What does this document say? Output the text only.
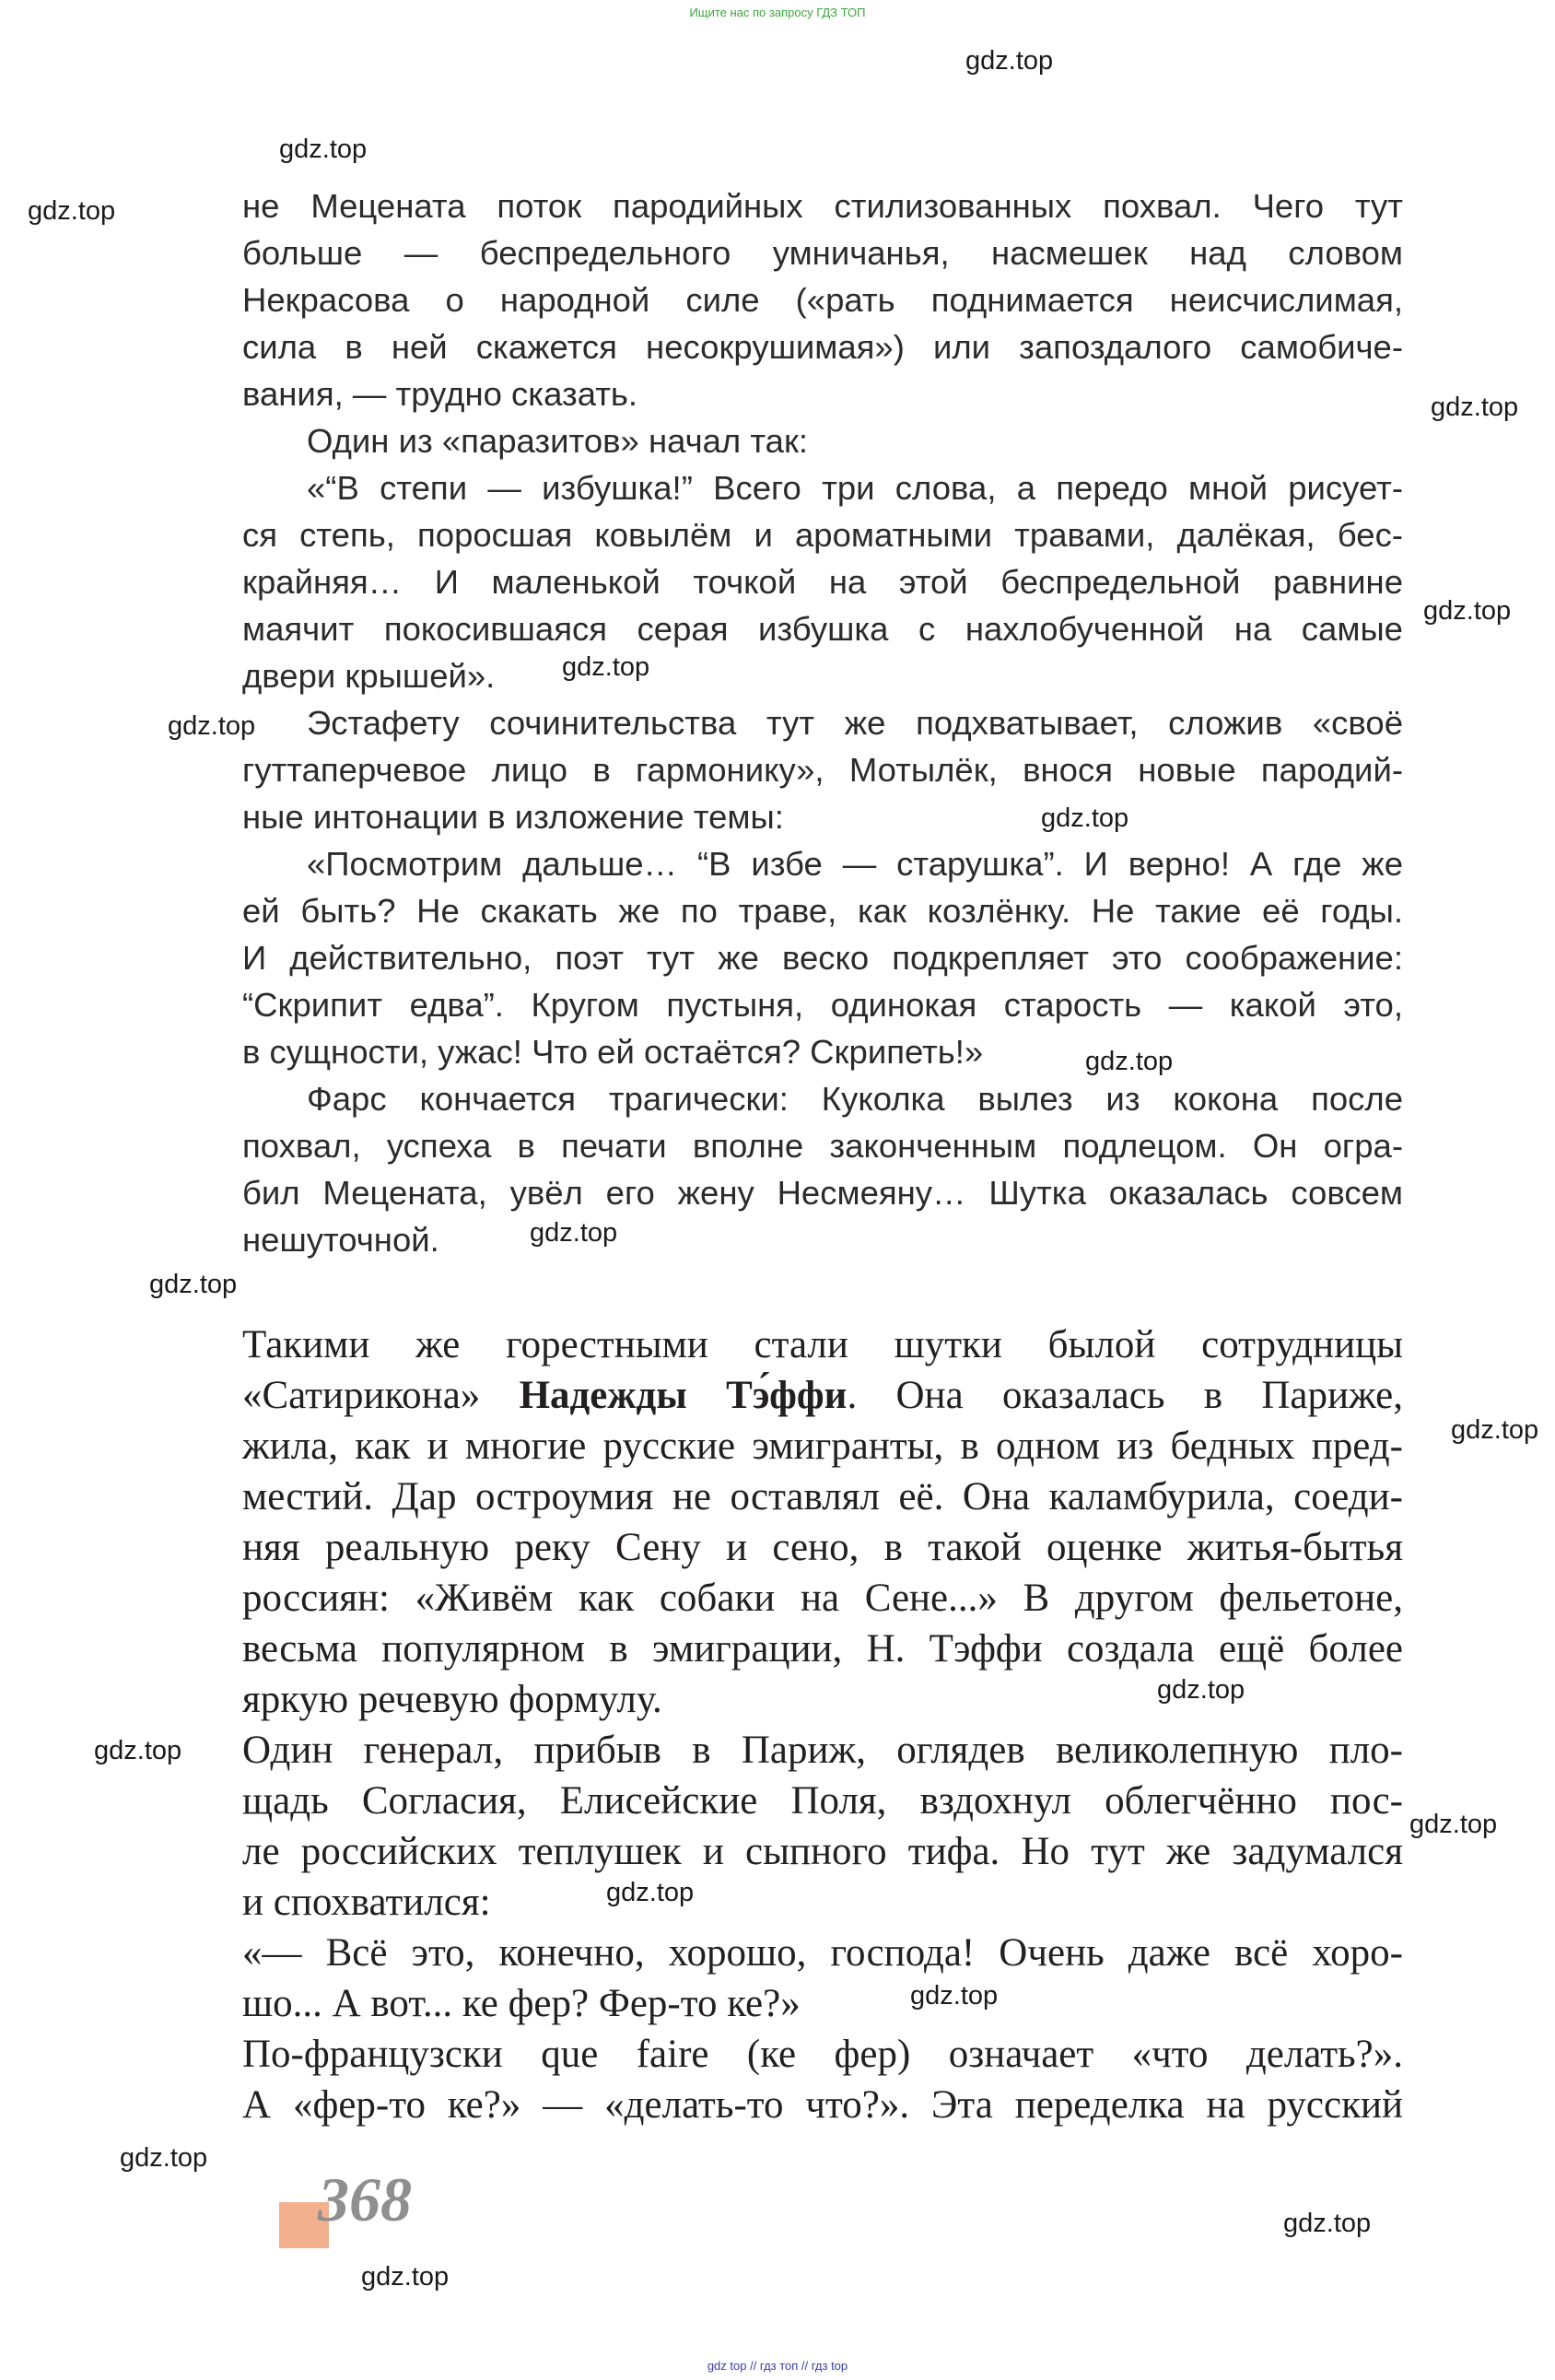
Ищите нас по запросу ГДЗ ТОП
не Мецената поток пародийных стилизованных похвал. Чего тут
больше — беспредельного умничанья, насмешек над словом
Некрасова о народной силе («рать поднимается неисчислимая,
сила в ней скажется несокрушимая») или запоздалого самобиче-
вания, — трудно сказать.
Один из «паразитов» начал так:
«“В степи — избушка!” Всего три слова, а передо мной рисует-
ся степь, поросшая ковылём и ароматными травами, далёкая, бес-
крайняя… И маленькой точкой на этой беспредельной равнине
маячит покосившаяся серая избушка с нахлобученной на самые
двери крышей».
Эстафету сочинительства тут же подхватывает, сложив «своё
гуттаперчевое лицо в гармонику», Мотылёк, внося новые пародий-
ные интонации в изложение темы:
«Посмотрим дальше… “В избе — старушка”. И верно! А где же
ей быть? Не скакать же по траве, как козлёнку. Не такие её годы.
И действительно, поэт тут же веско подкрепляет это соображение:
“Скрипит едва”. Кругом пустыня, одинокая старость — какой это,
в сущности, ужас! Что ей остаётся? Скрипеть!»
Фарс кончается трагически: Куколка вылез из кокона после
похвал, успеха в печати вполне законченным подлецом. Он огра-
бил Мецената, увёл его жену Несмеяну… Шутка оказалась совсем
нешуточной.
Такими же горестными стали шутки былой сотрудницы
«Сатирикона» Надежды Тэ́ффи. Она оказалась в Париже,
жила, как и многие русские эмигранты, в одном из бедных пред-
местий. Дар остроумия не оставлял её. Она каламбурила, соеди-
няя реальную реку Сену и сено, в такой оценке житья-бытья
россиян: «Живём как собаки на Сене...» В другом фельетоне,
весьма популярном в эмиграции, Н. Тэффи создала ещё более
яркую речевую формулу.
Один генерал, прибыв в Париж, оглядев великолепную пло-
щадь Согласия, Елисейские Поля, вздохнул облегчённо пос-
ле российских теплушек и сыпного тифа. Но тут же задумался
и спохватился:
«— Всё это, конечно, хорошо, господа! Очень даже всё хоро-
шо... А вот... ке фер? Фер-то ке?»
По-французски que faire (ке фер) означает «что делать?».
А «фер-то ке?» — «делать-то что?». Эта переделка на русский
368
gdz.top
gdz.top
gdz.top
gdz.top
gdz.top
gdz.top
gdz.top
gdz.top
gdz.top
gdz.top
gdz.top
gdz.top
gdz.top
gdz.top
gdz.top
gdz.top
gdz.top
gdz.top
gdz.top
gdz.top
gdz top // гдз топ // гдз top
